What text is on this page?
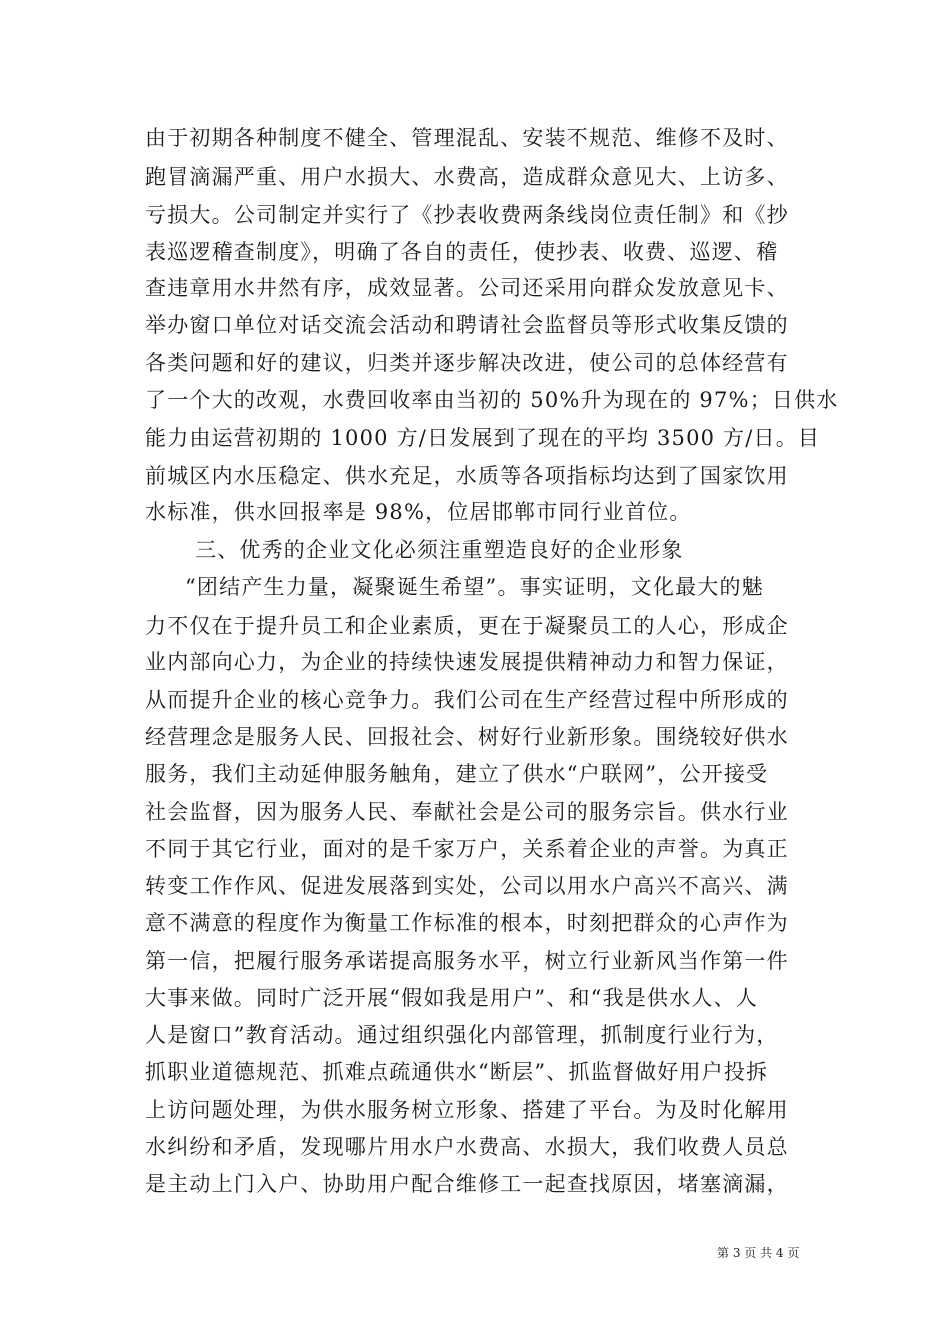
由于初期各种制度不健全、管理混乱、安装不规范、维修不及时、
跑冒滴漏严重、用户水损大、水费高，造成群众意见大、上访多、
亏损大。公司制定并实行了《抄表收费两条线岗位责任制》和《抄
表巡逻稽查制度》，明确了各自的责任，使抄表、收费、巡逻、稽
查违章用水井然有序，成效显著。公司还采用向群众发放意见卡、
举办窗口单位对话交流会活动和聘请社会监督员等形式收集反馈的
各类问题和好的建议，归类并逐步解决改进，使公司的总体经营有
了一个大的改观，水费回收率由当初的 50%升为现在的 97%；日供水
能力由运营初期的 1000 方/日发展到了现在的平均 3500 方/日。目
前城区内水压稳定、供水充足，水质等各项指标均达到了国家饮用
水标准，供水回报率是 98%，位居邯郸市同行业首位。
三、优秀的企业文化必须注重塑造良好的企业形象
“团结产生力量，凝聚诞生希望”。事实证明，文化最大的魅
力不仅在于提升员工和企业素质，更在于凝聚员工的人心，形成企
业内部向心力，为企业的持续快速发展提供精神动力和智力保证，
从而提升企业的核心竞争力。我们公司在生产经营过程中所形成的
经营理念是服务人民、回报社会、树好行业新形象。围绕较好供水
服务，我们主动延伸服务触角，建立了供水“户联网”，公开接受
社会监督，因为服务人民、奉献社会是公司的服务宗旨。供水行业
不同于其它行业，面对的是千家万户，关系着企业的声誉。为真正
转变工作作风、促进发展落到实处，公司以用水户高兴不高兴、满
意不满意的程度作为衡量工作标准的根本，时刻把群众的心声作为
第一信，把履行服务承诺提高服务水平，树立行业新风当作第一件
大事来做。同时广泛开展“假如我是用户”、和“我是供水人、人
人是窗口”教育活动。通过组织强化内部管理，抓制度行业行为，
抓职业道德规范、抓难点疏通供水“断层”、抓监督做好用户投拆
上访问题处理，为供水服务树立形象、搭建了平台。为及时化解用
水纠纷和矛盾，发现哪片用水户水费高、水损大，我们收费人员总
是主动上门入户、协助用户配合维修工一起查找原因，堵塞滴漏，
第 3 页 共 4 页
